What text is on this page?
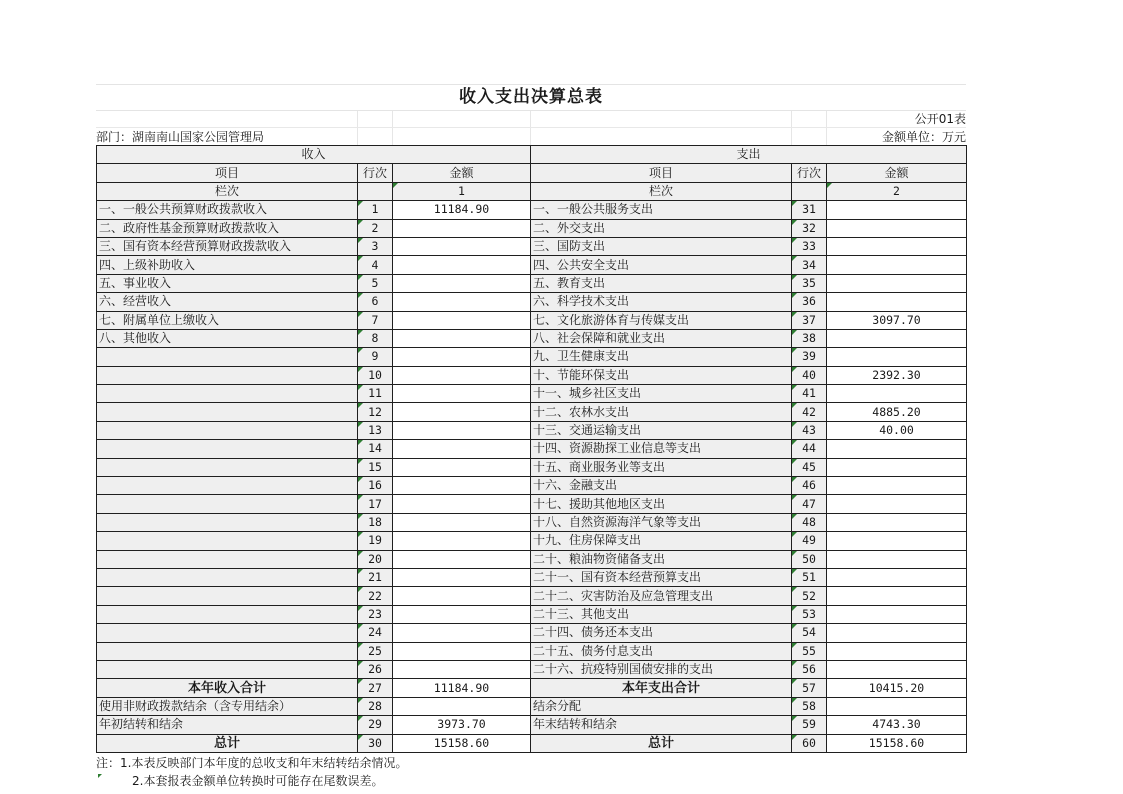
收入支出决算总表
部门：湖南南山国家公园管理局
公开01表
金额单位：万元
收入			支出		
项目	行次	金额	项目	行次	金额
栏次		1	栏次		2
一、一般公共预算财政拨款收入	1	11184.90	一、一般公共服务支出	31	
二、政府性基金预算财政拨款收入	2		二、外交支出	32	
三、国有资本经营预算财政拨款收入	3		三、国防支出	33	
四、上级补助收入	4		四、公共安全支出	34	
五、事业收入	5		五、教育支出	35	
六、经营收入	6		六、科学技术支出	36	
七、附属单位上缴收入	7		七、文化旅游体育与传媒支出	37	3097.70
八、其他收入	8		八、社会保障和就业支出	38	
	9		九、卫生健康支出	39	
	10		十、节能环保支出	40	2392.30
	11		十一、城乡社区支出	41	
	12		十二、农林水支出	42	4885.20
	13		十三、交通运输支出	43	40.00
	14		十四、资源勘探工业信息等支出	44	
	15		十五、商业服务业等支出	45	
	16		十六、金融支出	46	
	17		十七、援助其他地区支出	47	
	18		十八、自然资源海洋气象等支出	48	
	19		十九、住房保障支出	49	
	20		二十、粮油物资储备支出	50	
	21		二十一、国有资本经营预算支出	51	
	22		二十二、灾害防治及应急管理支出	52	
	23		二十三、其他支出	53	
	24		二十四、债务还本支出	54	
	25		二十五、债务付息支出	55	
	26		二十六、抗疫特别国债安排的支出	56	
本年收入合计	27	11184.90	本年支出合计	57	10415.20
使用非财政拨款结余（含专用结余）	28		结余分配	58	
年初结转和结余	29	3973.70	年末结转和结余	59	4743.30
总计	30	15158.60	总计	60	15158.60
注：1.本表反映部门本年度的总收支和年末结转结余情况。
2.本套报表金额单位转换时可能存在尾数误差。
